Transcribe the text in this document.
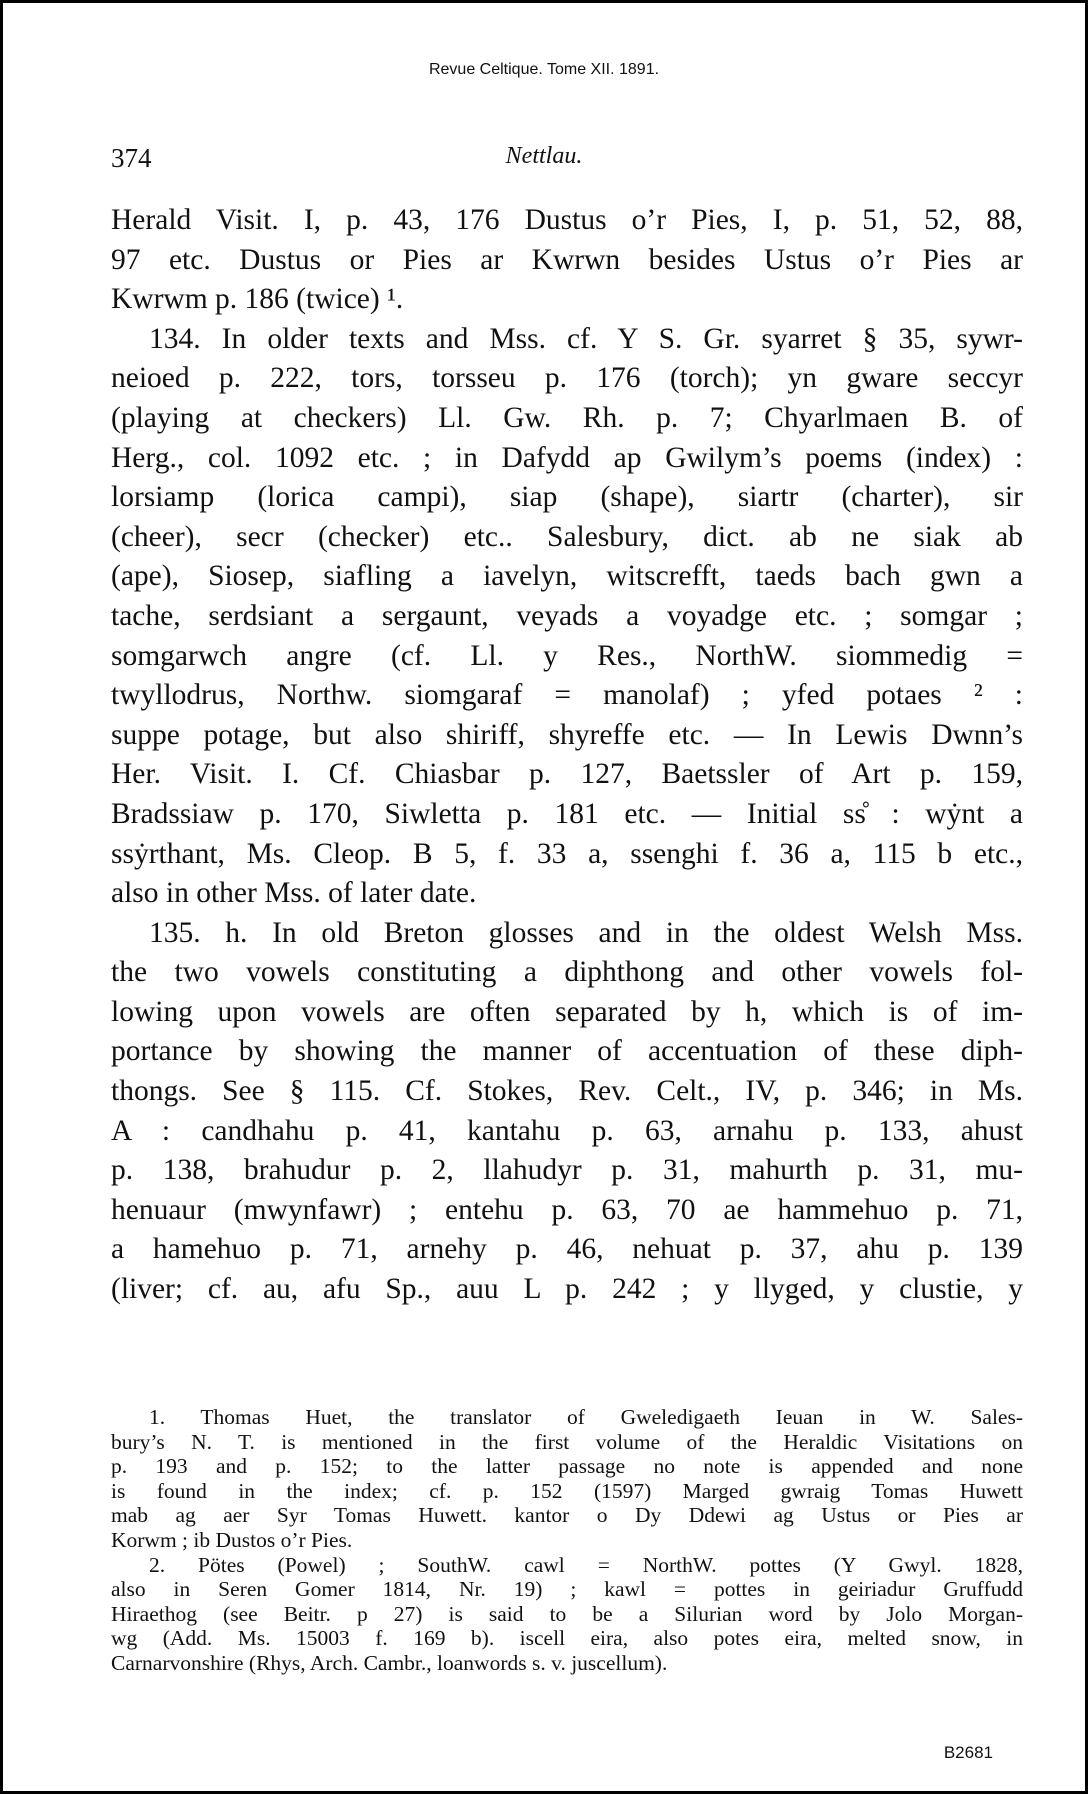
Revue Celtique. Tome XII. 1891.
374	Nettlau.
Herald Visit. I, p. 43, 176 Dustus o’r Pies, I, p. 51, 52, 88,
97 etc. Dustus or Pies ar Kwrwn besides Ustus o’r Pies ar
Kwrwm p. 186 (twice) ¹.
134. In older texts and Mss. cf. Y S. Gr. syarret § 35, sywr-
neioed p. 222, tors, torsseu p. 176 (torch); yn gware seccyr
(playing at checkers) Ll. Gw. Rh. p. 7; Chyarlmaen B. of
Herg., col. 1092 etc. ; in Dafydd ap Gwilym’s poems (index) :
lorsiamp (lorica campi), siap (shape), siartr (charter), sir
(cheer), secr (checker) etc.. Salesbury, dict. ab ne siak ab
(ape), Siosep, siafling a iavelyn, witscrefft, taeds bach gwn a
tache, serdsiant a sergaunt, veyads a voyadge etc. ; somgar ;
somgarwch angre (cf. Ll. y Res., NorthW. siommedig =
twyllodrus, Northw. siomgaraf = manolaf) ; yfed potaes ² :
suppe potage, but also shiriff, shyreffe etc. — In Lewis Dwnn’s
Her. Visit. I. Cf. Chiasbar p. 127, Baetssler of Art p. 159,
Bradssiaw p. 170, Siwletta p. 181 etc. — Initial ss̊ : wẏnt a
ssẏrthant, Ms. Cleop. B 5, f. 33 a, ssenghi f. 36 a, 115 b etc.,
also in other Mss. of later date.
135. h. In old Breton glosses and in the oldest Welsh Mss.
the two vowels constituting a diphthong and other vowels fol-
lowing upon vowels are often separated by h, which is of im-
portance by showing the manner of accentuation of these diph-
thongs. See § 115. Cf. Stokes, Rev. Celt., IV, p. 346; in Ms.
A : candhahu p. 41, kantahu p. 63, arnahu p. 133, ahust
p. 138, brahudur p. 2, llahudyr p. 31, mahurth p. 31, mu-
henuaur (mwynfawr) ; entehu p. 63, 70 ae hammehuo p. 71,
a hamehuo p. 71, arnehy p. 46, nehuat p. 37, ahu p. 139
(liver; cf. au, afu Sp., auu L p. 242 ; y llyged, y clustie, y
1. Thomas Huet, the translator of Gweledigaeth Ieuan in W. Sales-
bury’s N. T. is mentioned in the first volume of the Heraldic Visitations on
p. 193 and p. 152; to the latter passage no note is appended and none
is found in the index; cf. p. 152 (1597) Marged gwraig Tomas Huwett
mab ag aer Syr Tomas Huwett. kantor o Dy Ddewi ag Ustus or Pies ar
Korwm ; ib Dustos o’r Pies.
2. Pötes (Powel) ; SouthW. cawl = NorthW. pottes (Y Gwyl. 1828,
also in Seren Gomer 1814, Nr. 19) ; kawl = pottes in geiriadur Gruffudd
Hiraethog (see Beitr. p 27) is said to be a Silurian word by Jolo Morgan-
wg (Add. Ms. 15003 f. 169 b). iscell eira, also potes eira, melted snow, in
Carnarvonshire (Rhys, Arch. Cambr., loanwords s. v. juscellum).
B2681
